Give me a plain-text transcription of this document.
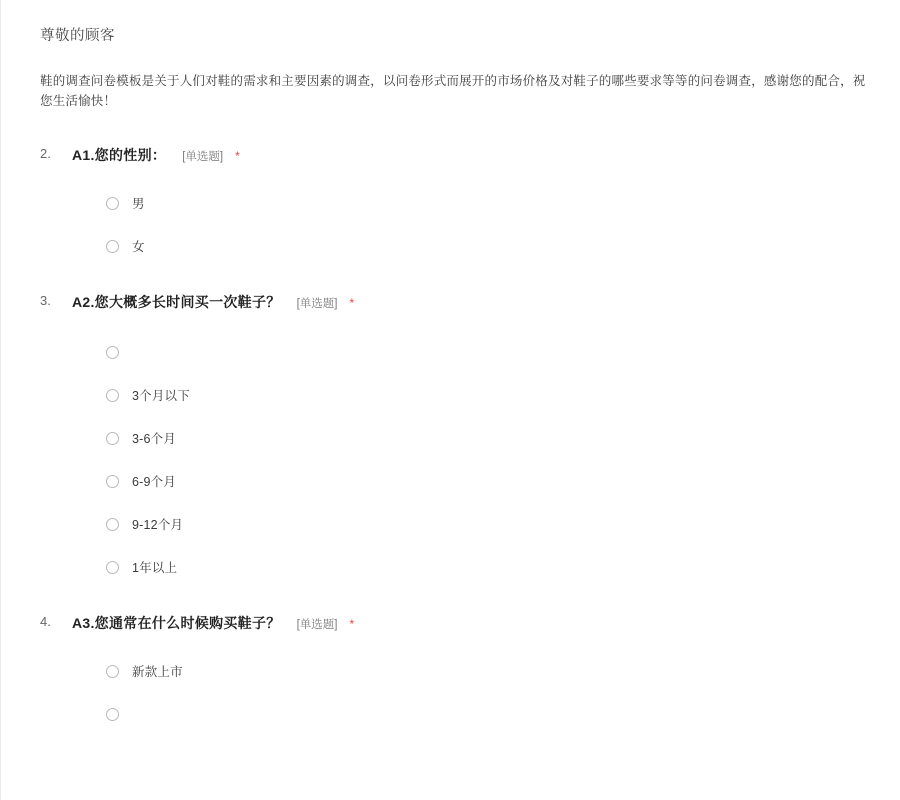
尊敬的顾客
鞋的调查问卷模板是关于人们对鞋的需求和主要因素的调查，以问卷形式而展开的市场价格及对鞋子的哪些要求等等的问卷调查，感谢您的配合，祝您生活愉快！
2. A1.您的性别： [单选题] *
男
女
3. A2.您大概多长时间买一次鞋子？ [单选题] *
3个月以下
3-6个月
6-9个月
9-12个月
1年以上
4. A3.您通常在什么时候购买鞋子？ [单选题] *
新款上市
